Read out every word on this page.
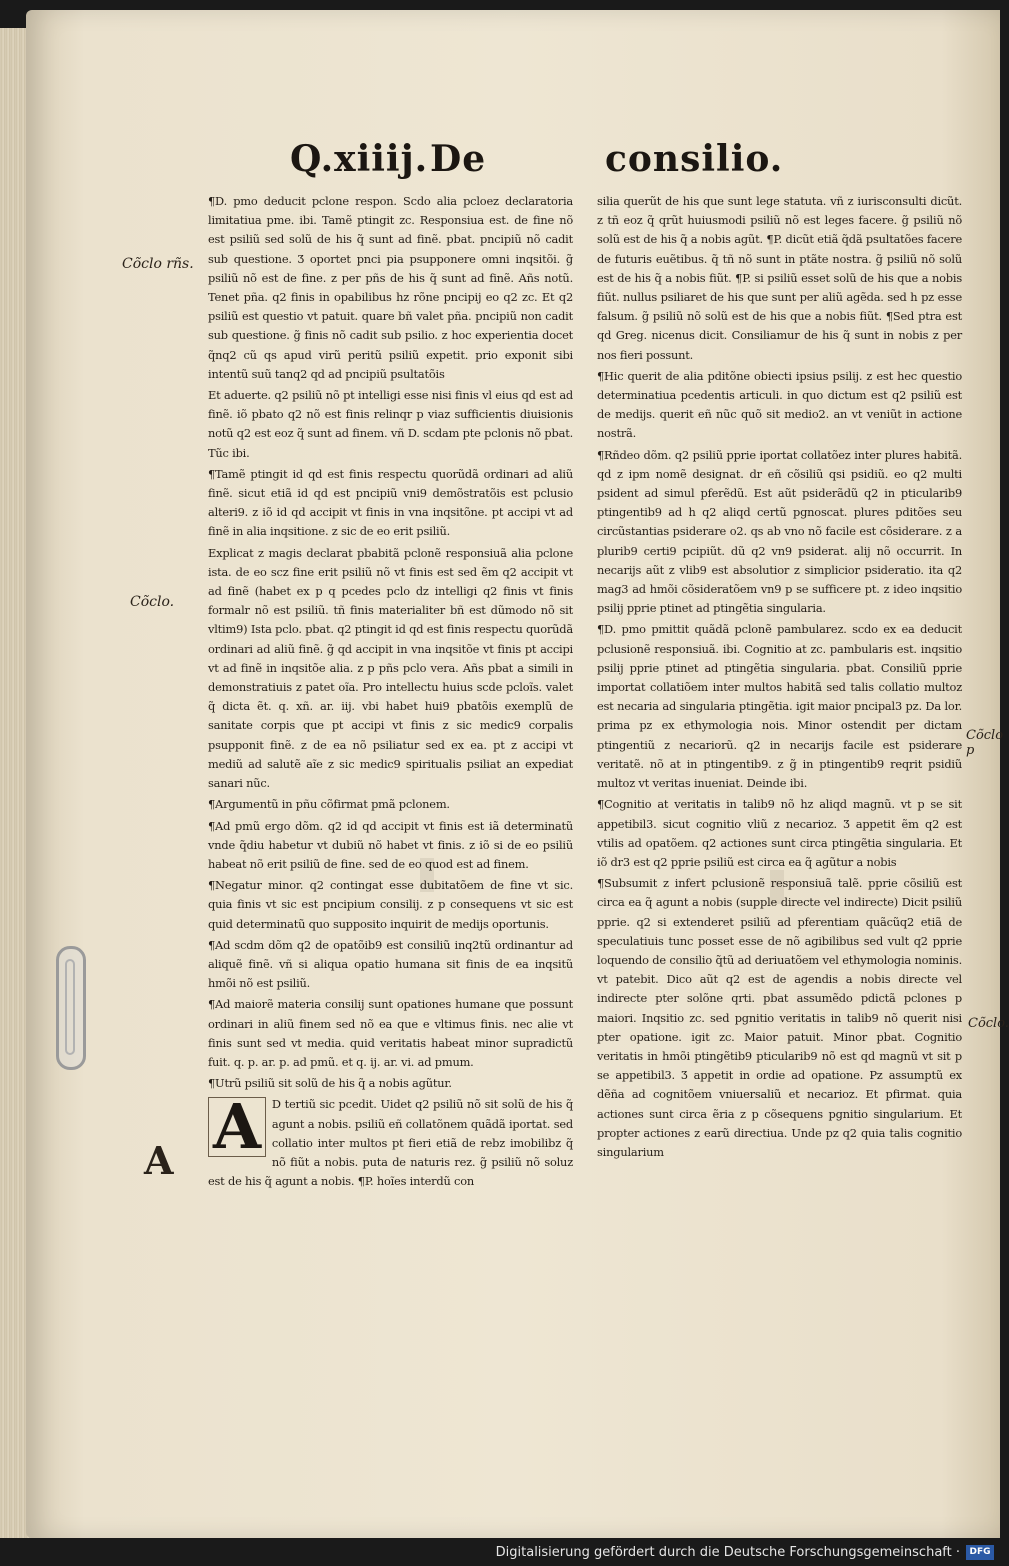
Q.xiiij. De	consilio.
Cõclo rñs.
Cõclo.
A
Cõclo p
Cõclo.

¶D. pmo deducit pclone respon. Scdo alia pcloez declaratoria limitatiua pme. ibi. Tamẽ ptingit zc. Responsiua est. de fine nõ est psiliũ sed solũ de his q̃ sunt ad finẽ. pbat. pncipiũ nõ cadit sub questione. Ʒ oportet pnci pia psupponere omni inqsitõi. g̃ psiliũ nõ est de fine. z per pñs de his q̃ sunt ad finẽ. Añs notũ. Tenet pña. q2 finis in opabilibus hz rõne pncipij eo q2 zc. Et q2 psiliũ est questio vt patuit. quare bñ valet pña. pncipiũ non cadit sub questione. g̃ finis nõ cadit sub psilio. z hoc experientia docet q̃nq2 cũ qs apud virũ peritũ psiliũ expetit. prio exponit sibi intentũ suũ tanq2 qd ad pncipiũ psultatõis

Et aduerte. q2 psiliũ nõ pt intelligi esse nisi finis vl eius qd est ad finẽ. iõ pbato q2 nõ est finis relinqr p viaz sufficientis diuisionis notũ q2 est eoz q̃ sunt ad finem. vñ D. scdam pte pclonis nõ pbat. Tũc ibi.

¶Tamẽ ptingit id qd est finis respectu quorũdã ordinari ad aliũ finẽ. sicut etiã id qd est pncipiũ vni9 demõstratõis est pclusio alteri9. z iõ id qd accipit vt finis in vna inqsitõne. pt accipi vt ad finẽ in alia inqsitione. z sic de eo erit psiliũ.

Explicat z magis declarat pbabitã pclonẽ responsiuã alia pclone ista. de eo scz fine erit psiliũ nõ vt finis est sed ẽm q2 accipit vt ad finẽ (habet ex p q pcedes pclo dz intelligi q2 finis vt finis formalr nõ est psiliũ. tñ finis materialiter bñ est dũmodo nõ sit vltim9) Ista pclo. pbat. q2 ptingit id qd est finis respectu quorũdã ordinari ad aliũ finẽ. g̃ qd accipit in vna inqsitõe vt finis pt accipi vt ad finẽ in inqsitõe alia. z p pñs pclo vera. Añs pbat a simili in demonstratiuis z patet oĩa. Pro intellectu huius scde pcloĩs. valet q̃ dicta ẽt. q. xñ. ar. iij. vbi habet hui9 pbatõis exemplũ de sanitate corpis que pt accipi vt finis z sic medic9 corpalis psupponit finẽ. z de ea nõ psiliatur sed ex ea. pt z accipi vt mediũ ad salutẽ aĩe z sic medic9 spiritualis psiliat an expediat sanari nũc.

¶Argumentũ in pñu cõfirmat pmã pclonem.

¶Ad pmũ ergo dõm. q2 id qd accipit vt finis est iã determinatũ vnde q̃diu habetur vt dubiũ nõ habet vt finis. z iõ si de eo psiliũ habeat nõ erit psiliũ de fine. sed de eo quod est ad finem.

¶Negatur minor. q2 contingat esse dubitatõem de fine vt sic. quia finis vt sic est pncipium consilij. z p consequens vt sic est quid determinatũ quo supposito inquirit de medijs oportunis.

¶Ad scdm dõm q2 de opatõib9 est consiliũ inq2tũ ordinantur ad aliquẽ finẽ. vñ si aliqua opatio humana sit finis de ea inqsitũ hmõi nõ est psiliũ.

¶Ad maiorẽ materia consilij sunt opationes humane que possunt ordinari in aliũ finem sed nõ ea que e vltimus finis. nec alie vt finis sunt sed vt media. quid veritatis habeat minor supradictũ fuit. q. p. ar. p. ad pmũ. et q. ij. ar. vi. ad pmum.

¶Utrũ psiliũ sit solũ de his q̃ a nobis agũtur.

A D tertiũ sic pcedit. Uidet q2 psiliũ nõ sit solũ de his q̃ agunt a nobis. psiliũ eñ collatõnem quãdã iportat. sed collatio inter multos pt fieri etiã de rebz imobilibz q̃ nõ fiũt a nobis. puta de naturis rez. g̃ psiliũ nõ soluz est de his q̃ agunt a nobis. ¶P. hoĩes interdũ con

silia querũt de his que sunt lege statuta. vñ z iurisconsulti dicũt. z tñ eoz q̃ qrũt huiusmodi psiliũ nõ est leges facere. g̃ psiliũ nõ solũ est de his q̃ a nobis agũt. ¶P. dicũt etiã q̃dã psultatões facere de futuris euẽtibus. q̃ tñ nõ sunt in ptãte nostra. g̃ psiliũ nõ solũ est de his q̃ a nobis fiũt. ¶P. si psiliũ esset solũ de his que a nobis fiũt. nullus psiliaret de his que sunt per aliũ agẽda. sed h pz esse falsum. g̃ psiliũ nõ solũ est de his que a nobis fiũt. ¶Sed ptra est qd Greg. nicenus dicit. Consiliamur de his q̃ sunt in nobis z per nos fieri possunt.

¶Hic querit de alia pditõne obiecti ipsius psilij. z est hec questio determinatiua pcedentis articuli. in quo dictum est q2 psiliũ est de medijs. querit eñ nũc quõ sit medio2. an vt veniũt in actione nostrã.

¶Rñdeo dõm. q2 psiliũ pprie iportat collatõez inter plures habitã. qd z ipm nomẽ designat. dr eñ cõsiliũ qsi psidiũ. eo q2 multi psident ad simul pferẽdũ. Est aũt psiderãdũ q2 in pticularib9 ptingentib9 ad h q2 aliqd certũ pgnoscat. plures pditões seu circũstantias psiderare o2. qs ab vno nõ facile est cõsiderare. z a plurib9 certi9 pcipiũt. dũ q2 vn9 psiderat. alij nõ occurrit. In necarijs aũt z vlib9 est absolutior z simplicior psideratio. ita q2 mag3 ad hmõi cõsideratõem vn9 p se sufficere pt. z ideo inqsitio psilij pprie ptinet ad ptingẽtia singularia.

¶D. pmo pmittit quãdã pclonẽ pambularez. scdo ex ea deducit pclusionẽ responsiuã. ibi. Cognitio at zc. pambularis est. inqsitio psilij pprie ptinet ad ptingẽtia singularia. pbat. Consiliũ pprie importat collatiõem inter multos habitã sed talis collatio multoz est necaria ad singularia ptingẽtia. igit maior pncipal3 pz. Da lor. prima pz ex ethymologia nois. Minor ostendit per dictam ptingentiũ z necariorũ. q2 in necarijs facile est psiderare veritatẽ. nõ at in ptingentib9. z g̃ in ptingentib9 reqrit psidiũ multoz vt veritas inueniat. Deinde ibi.

¶Cognitio at veritatis in talib9 nõ hz aliqd magnũ. vt p se sit appetibil3. sicut cognitio vliũ z necarioz. Ʒ appetit ẽm q2 est vtilis ad opatõem. q2 actiones sunt circa ptingẽtia singularia. Et iõ dr3 est q2 pprie psiliũ est circa ea q̃ agũtur a nobis

¶Subsumit z infert pclusionẽ responsiuã talẽ. pprie cõsiliũ est circa ea q̃ agunt a nobis (supple directe vel indirecte) Dicit psiliũ pprie. q2 si extenderet psiliũ ad pferentiam quãcũq2 etiã de speculatiuis tunc posset esse de nõ agibilibus sed vult q2 pprie loquendo de consilio q̃tũ ad deriuatõem vel ethymologia nominis. vt patebit. Dico aũt q2 est de agendis a nobis directe vel indirecte pter solõne qrti. pbat assumẽdo pdictã pclones p maiori. Inqsitio zc. sed pgnitio veritatis in talib9 nõ querit nisi pter opatione. igit zc. Maior patuit. Minor pbat. Cognitio veritatis in hmõi ptingẽtib9 pticularib9 nõ est qd magnũ vt sit p se appetibil3. Ʒ appetit in ordie ad opatione. Pz assumptũ ex dẽña ad cognitõem vniuersaliũ et necarioz. Et pfirmat. quia actiones sunt circa ẽria z p cõsequens pgnitio singularium. Et propter actiones z earũ directiua. Unde pz q2 quia talis cognitio singularium

Digitalisierung gefördert durch die Deutsche Forschungsgemeinschaft ·	DFG
